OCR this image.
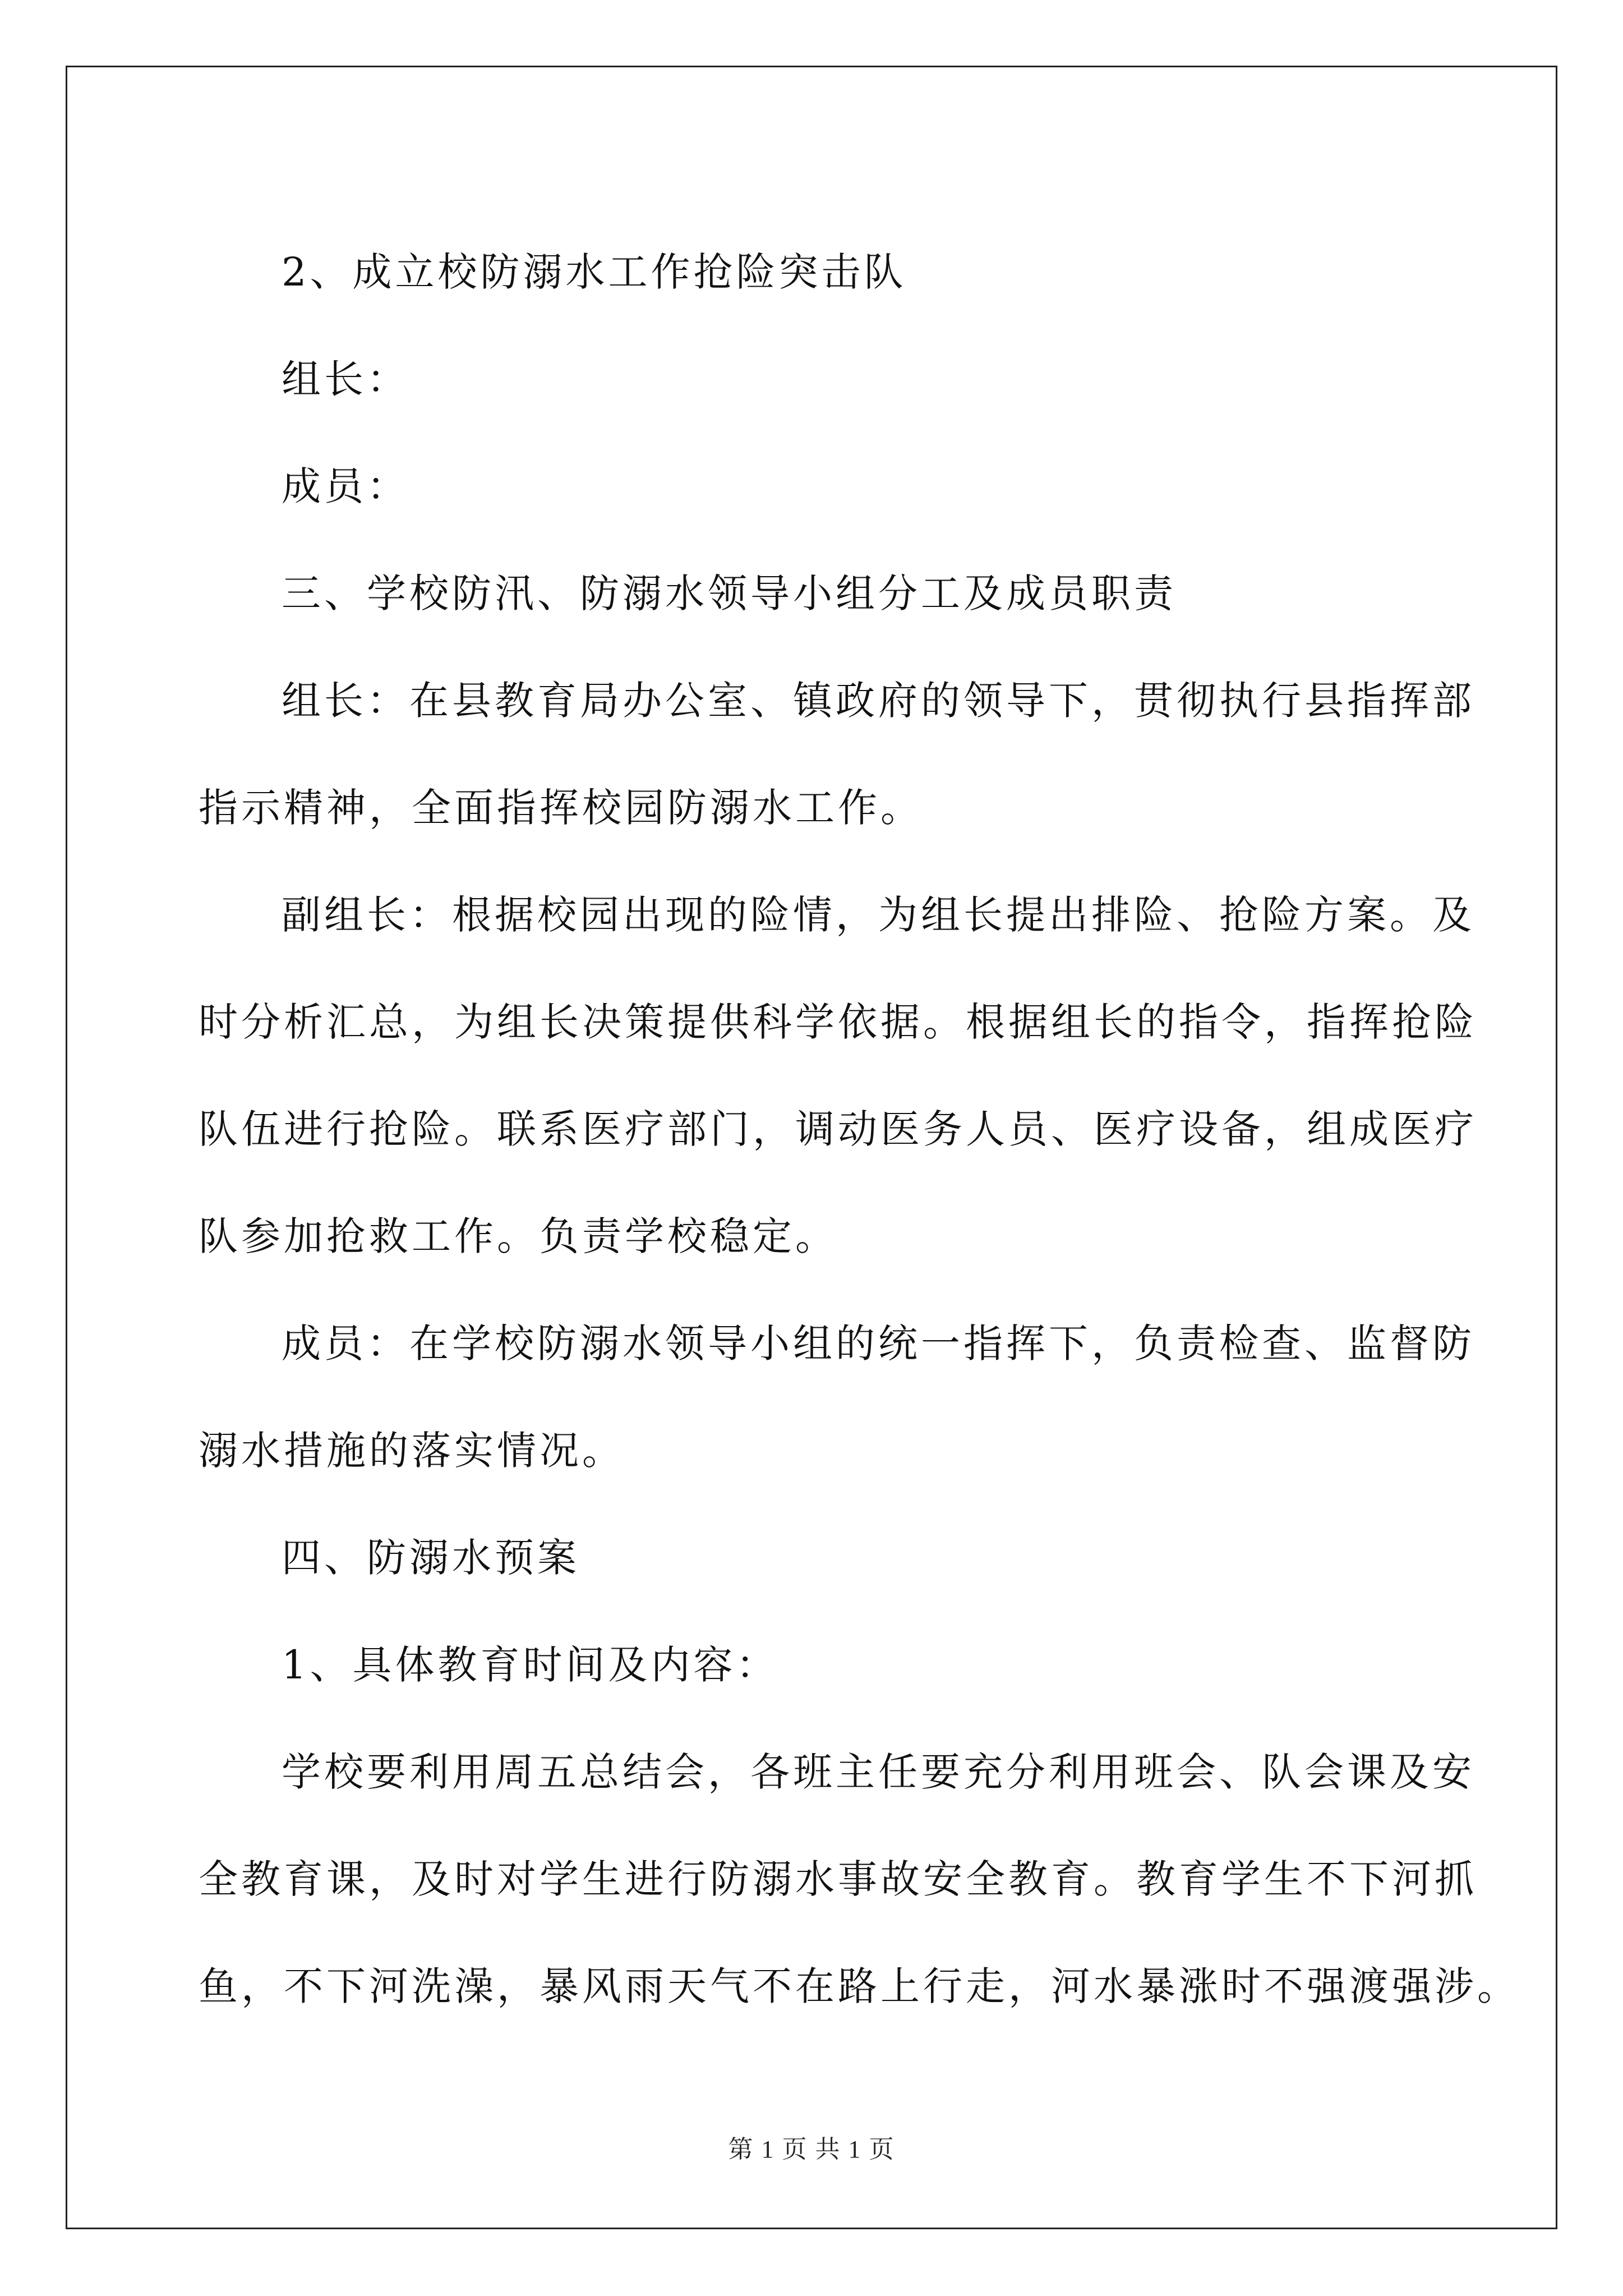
2、成立校防溺水工作抢险突击队
组长：
成员：
三、学校防汛、防溺水领导小组分工及成员职责
组长：在县教育局办公室、镇政府的领导下，贯彻执行县指挥部
指示精神，全面指挥校园防溺水工作。
副组长：根据校园出现的险情，为组长提出排险、抢险方案。及
时分析汇总，为组长决策提供科学依据。根据组长的指令，指挥抢险
队伍进行抢险。联系医疗部门，调动医务人员、医疗设备，组成医疗
队参加抢救工作。负责学校稳定。
成员：在学校防溺水领导小组的统一指挥下，负责检查、监督防
溺水措施的落实情况。
四、防溺水预案
1、具体教育时间及内容：
学校要利用周五总结会，各班主任要充分利用班会、队会课及安
全教育课，及时对学生进行防溺水事故安全教育。教育学生不下河抓
鱼，不下河洗澡，暴风雨天气不在路上行走，河水暴涨时不强渡强涉。
第 1 页 共 1 页
